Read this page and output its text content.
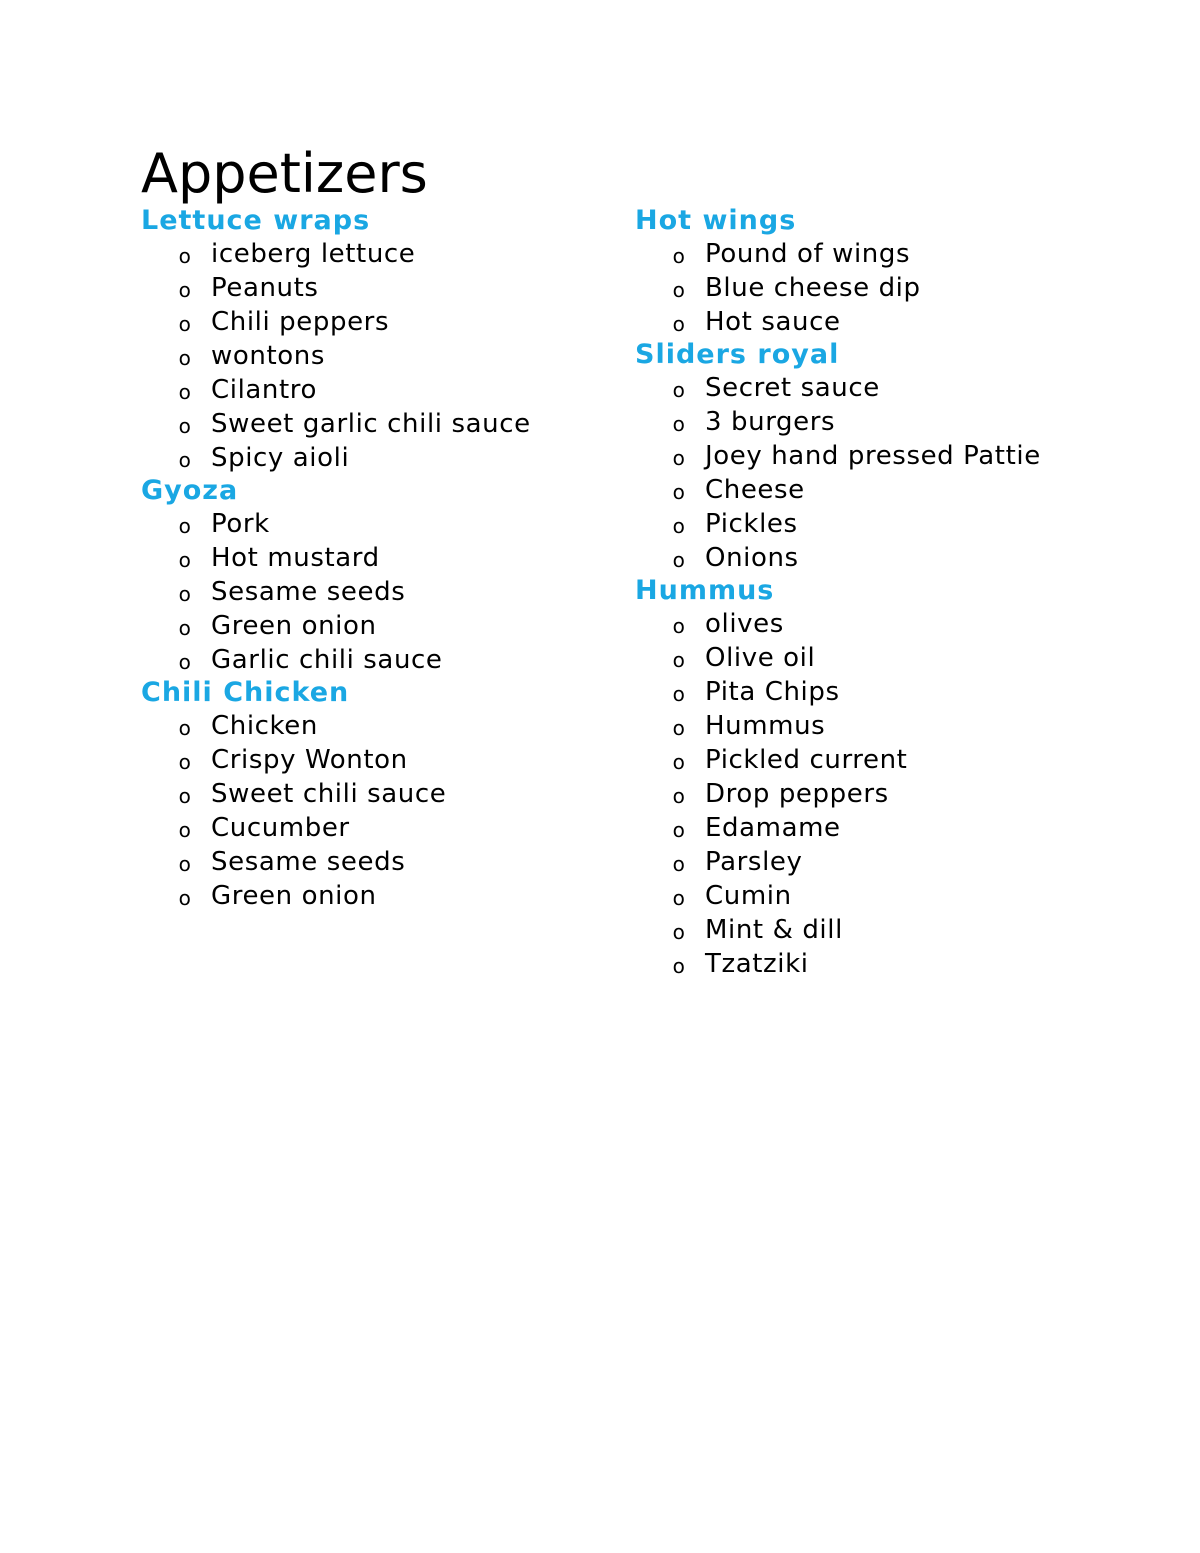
Appetizers
Lettuce wraps
o iceberg lettuce
o Peanuts
o Chili peppers
o wontons
o Cilantro
o Sweet garlic chili sauce
o Spicy aioli
Gyoza
o Pork
o Hot mustard
o Sesame seeds
o Green onion
o Garlic chili sauce
Chili Chicken
o Chicken
o Crispy Wonton
o Sweet chili sauce
o Cucumber
o Sesame seeds
o Green onion
Hot wings
o Pound of wings
o Blue cheese dip
o Hot sauce
Sliders royal
o Secret sauce
o 3 burgers
o Joey hand pressed Pattie
o Cheese
o Pickles
o Onions
Hummus
o olives
o Olive oil
o Pita Chips
o Hummus
o Pickled current
o Drop peppers
o Edamame
o Parsley
o Cumin
o Mint & dill
o Tzatziki
